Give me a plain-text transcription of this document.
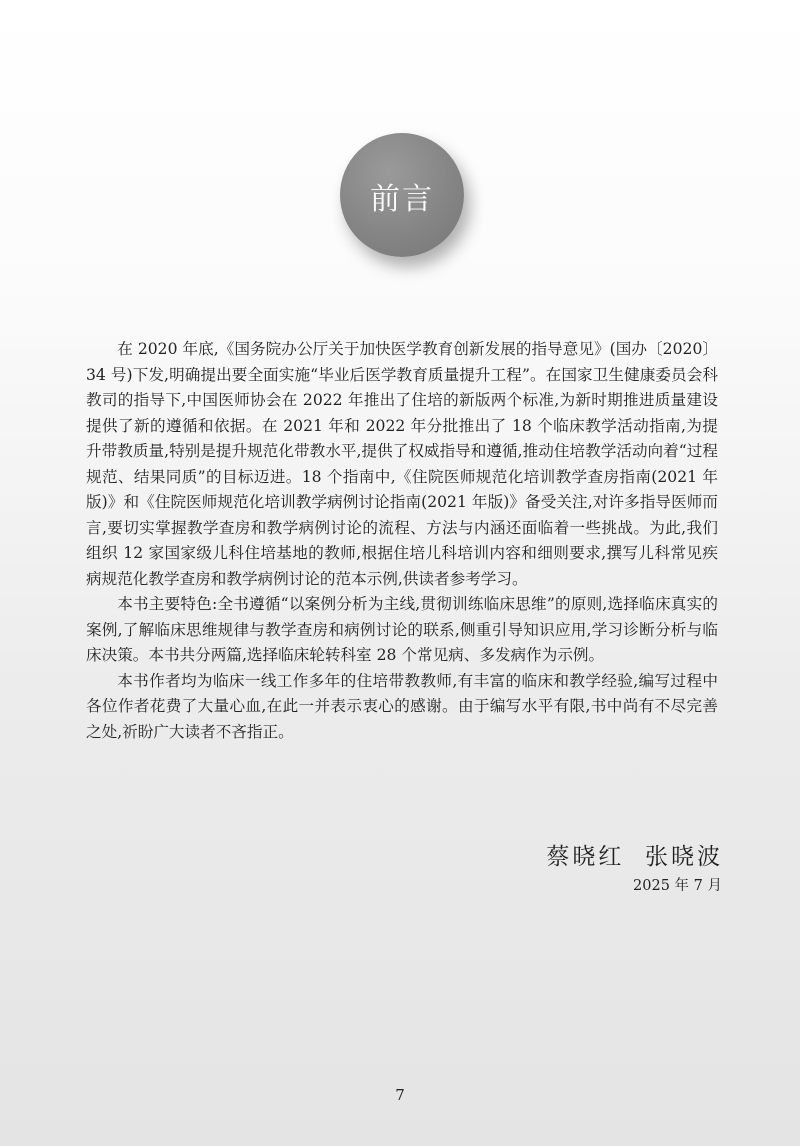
前言

在 2020 年底,《国务院办公厅关于加快医学教育创新发展的指导意见》(国办〔2020〕34 号)下发,明确提出要全面实施“毕业后医学教育质量提升工程”。在国家卫生健康委员会科教司的指导下,中国医师协会在 2022 年推出了住培的新版两个标准,为新时期推进质量建设提供了新的遵循和依据。在 2021 年和 2022 年分批推出了 18 个临床教学活动指南,为提升带教质量,特别是提升规范化带教水平,提供了权威指导和遵循,推动住培教学活动向着“过程规范、结果同质”的目标迈进。18 个指南中,《住院医师规范化培训教学查房指南(2021 年版)》和《住院医师规范化培训教学病例讨论指南(2021 年版)》备受关注,对许多指导医师而言,要切实掌握教学查房和教学病例讨论的流程、方法与内涵还面临着一些挑战。为此,我们组织 12 家国家级儿科住培基地的教师,根据住培儿科培训内容和细则要求,撰写儿科常见疾病规范化教学查房和教学病例讨论的范本示例,供读者参考学习。

本书主要特色:全书遵循“以案例分析为主线,贯彻训练临床思维”的原则,选择临床真实的案例,了解临床思维规律与教学查房和病例讨论的联系,侧重引导知识应用,学习诊断分析与临床决策。本书共分两篇,选择临床轮转科室 28 个常见病、多发病作为示例。

本书作者均为临床一线工作多年的住培带教教师,有丰富的临床和教学经验,编写过程中各位作者花费了大量心血,在此一并表示衷心的感谢。由于编写水平有限,书中尚有不尽完善之处,祈盼广大读者不吝指正。

蔡晓红  张晓波
2025 年 7 月
7
